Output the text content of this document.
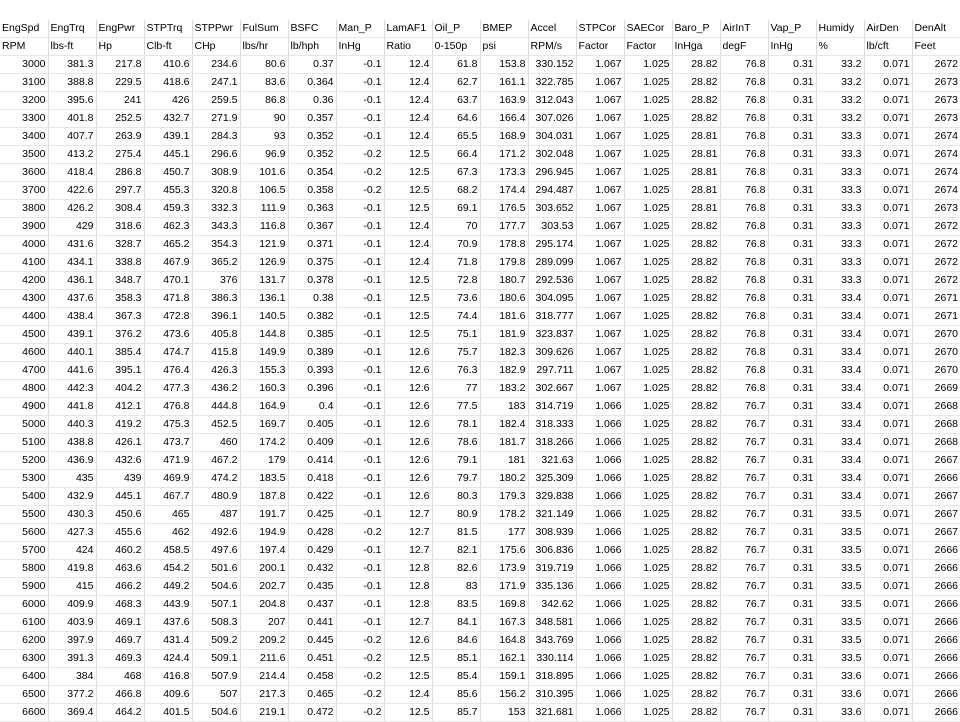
EngSpd	EngTrq	EngPwr	STPTrq	STPPwr	FulSum	BSFC	Man_P	LamAF1	Oil_P	BMEP	Accel	STPCor	SAECor	Baro_P	AirInT	Vap_P	Humidy	AirDen	DenAlt
RPM	lbs-ft	Hp	Clb-ft	CHp	lbs/hr	lb/hph	InHg	Ratio	0-150p	psi	RPM/s	Factor	Factor	InHga	degF	InHg	%	lb/cft	Feet
3000	381.3	217.8	410.6	234.6	80.6	0.37	-0.1	12.4	61.8	153.8	330.152	1.067	1.025	28.82	76.8	0.31	33.2	0.071	2672
3100	388.8	229.5	418.6	247.1	83.6	0.364	-0.1	12.4	62.7	161.1	322.785	1.067	1.025	28.82	76.8	0.31	33.2	0.071	2673
3200	395.6	241	426	259.5	86.8	0.36	-0.1	12.4	63.7	163.9	312.043	1.067	1.025	28.82	76.8	0.31	33.2	0.071	2673
3300	401.8	252.5	432.7	271.9	90	0.357	-0.1	12.4	64.6	166.4	307.026	1.067	1.025	28.82	76.8	0.31	33.2	0.071	2673
3400	407.7	263.9	439.1	284.3	93	0.352	-0.1	12.4	65.5	168.9	304.031	1.067	1.025	28.81	76.8	0.31	33.3	0.071	2674
3500	413.2	275.4	445.1	296.6	96.9	0.352	-0.2	12.5	66.4	171.2	302.048	1.067	1.025	28.81	76.8	0.31	33.3	0.071	2674
3600	418.4	286.8	450.7	308.9	101.6	0.354	-0.2	12.5	67.3	173.3	296.945	1.067	1.025	28.81	76.8	0.31	33.3	0.071	2674
3700	422.6	297.7	455.3	320.8	106.5	0.358	-0.2	12.5	68.2	174.4	294.487	1.067	1.025	28.81	76.8	0.31	33.3	0.071	2674
3800	426.2	308.4	459.3	332.3	111.9	0.363	-0.1	12.5	69.1	176.5	303.652	1.067	1.025	28.81	76.8	0.31	33.3	0.071	2673
3900	429	318.6	462.3	343.3	116.8	0.367	-0.1	12.4	70	177.7	303.53	1.067	1.025	28.82	76.8	0.31	33.3	0.071	2672
4000	431.6	328.7	465.2	354.3	121.9	0.371	-0.1	12.4	70.9	178.8	295.174	1.067	1.025	28.82	76.8	0.31	33.3	0.071	2672
4100	434.1	338.8	467.9	365.2	126.9	0.375	-0.1	12.4	71.8	179.8	289.099	1.067	1.025	28.82	76.8	0.31	33.3	0.071	2672
4200	436.1	348.7	470.1	376	131.7	0.378	-0.1	12.5	72.8	180.7	292.536	1.067	1.025	28.82	76.8	0.31	33.3	0.071	2672
4300	437.6	358.3	471.8	386.3	136.1	0.38	-0.1	12.5	73.6	180.6	304.095	1.067	1.025	28.82	76.8	0.31	33.4	0.071	2671
4400	438.4	367.3	472.8	396.1	140.5	0.382	-0.1	12.5	74.4	181.6	318.777	1.067	1.025	28.82	76.8	0.31	33.4	0.071	2671
4500	439.1	376.2	473.6	405.8	144.8	0.385	-0.1	12.5	75.1	181.9	323.837	1.067	1.025	28.82	76.8	0.31	33.4	0.071	2670
4600	440.1	385.4	474.7	415.8	149.9	0.389	-0.1	12.6	75.7	182.3	309.626	1.067	1.025	28.82	76.8	0.31	33.4	0.071	2670
4700	441.6	395.1	476.4	426.3	155.3	0.393	-0.1	12.6	76.3	182.9	297.711	1.067	1.025	28.82	76.8	0.31	33.4	0.071	2670
4800	442.3	404.2	477.3	436.2	160.3	0.396	-0.1	12.6	77	183.2	302.667	1.067	1.025	28.82	76.8	0.31	33.4	0.071	2669
4900	441.8	412.1	476.8	444.8	164.9	0.4	-0.1	12.6	77.5	183	314.719	1.066	1.025	28.82	76.7	0.31	33.4	0.071	2668
5000	440.3	419.2	475.3	452.5	169.7	0.405	-0.1	12.6	78.1	182.4	318.333	1.066	1.025	28.82	76.7	0.31	33.4	0.071	2668
5100	438.8	426.1	473.7	460	174.2	0.409	-0.1	12.6	78.6	181.7	318.266	1.066	1.025	28.82	76.7	0.31	33.4	0.071	2668
5200	436.9	432.6	471.9	467.2	179	0.414	-0.1	12.6	79.1	181	321.63	1.066	1.025	28.82	76.7	0.31	33.4	0.071	2667
5300	435	439	469.9	474.2	183.5	0.418	-0.1	12.6	79.7	180.2	325.309	1.066	1.025	28.82	76.7	0.31	33.4	0.071	2666
5400	432.9	445.1	467.7	480.9	187.8	0.422	-0.1	12.6	80.3	179.3	329.838	1.066	1.025	28.82	76.7	0.31	33.4	0.071	2667
5500	430.3	450.6	465	487	191.7	0.425	-0.1	12.7	80.9	178.2	321.149	1.066	1.025	28.82	76.7	0.31	33.5	0.071	2667
5600	427.3	455.6	462	492.6	194.9	0.428	-0.2	12.7	81.5	177	308.939	1.066	1.025	28.82	76.7	0.31	33.5	0.071	2667
5700	424	460.2	458.5	497.6	197.4	0.429	-0.1	12.7	82.1	175.6	306.836	1.066	1.025	28.82	76.7	0.31	33.5	0.071	2666
5800	419.8	463.6	454.2	501.6	200.1	0.432	-0.1	12.8	82.6	173.9	319.719	1.066	1.025	28.82	76.7	0.31	33.5	0.071	2666
5900	415	466.2	449.2	504.6	202.7	0.435	-0.1	12.8	83	171.9	335.136	1.066	1.025	28.82	76.7	0.31	33.5	0.071	2666
6000	409.9	468.3	443.9	507.1	204.8	0.437	-0.1	12.8	83.5	169.8	342.62	1.066	1.025	28.82	76.7	0.31	33.5	0.071	2666
6100	403.9	469.1	437.6	508.3	207	0.441	-0.1	12.7	84.1	167.3	348.581	1.066	1.025	28.82	76.7	0.31	33.5	0.071	2666
6200	397.9	469.7	431.4	509.2	209.2	0.445	-0.2	12.6	84.6	164.8	343.769	1.066	1.025	28.82	76.7	0.31	33.5	0.071	2666
6300	391.3	469.3	424.4	509.1	211.6	0.451	-0.2	12.5	85.1	162.1	330.114	1.066	1.025	28.82	76.7	0.31	33.5	0.071	2666
6400	384	468	416.8	507.9	214.4	0.458	-0.2	12.5	85.4	159.1	318.895	1.066	1.025	28.82	76.7	0.31	33.6	0.071	2666
6500	377.2	466.8	409.6	507	217.3	0.465	-0.2	12.4	85.6	156.2	310.395	1.066	1.025	28.82	76.7	0.31	33.6	0.071	2666
6600	369.4	464.2	401.5	504.6	219.1	0.472	-0.2	12.5	85.7	153	321.681	1.066	1.025	28.82	76.7	0.31	33.6	0.071	2666
